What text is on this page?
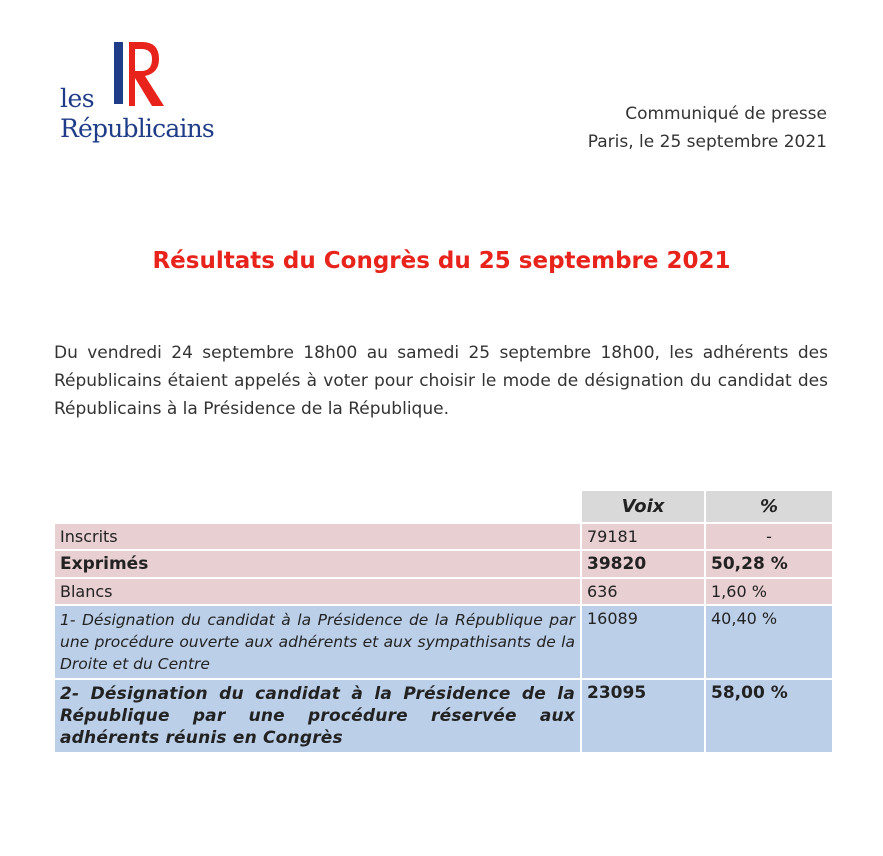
les
Républicains	Communiqué de presse
Paris, le 25 septembre 2021
Résultats du Congrès du 25 septembre 2021
Du vendredi 24 septembre 18h00 au samedi 25 septembre 18h00, les adhérents des Républicains étaient appelés à voter pour choisir le mode de désignation du candidat des Républicains à la Présidence de la République.
	Voix	%
Inscrits	79181	-
Exprimés	39820	50,28 %
Blancs	636	1,60 %
1- Désignation du candidat à la Présidence de la République par une procédure ouverte aux adhérents et aux sympathisants de la Droite et du Centre	16089	40,40 %
2- Désignation du candidat à la Présidence de la République par une procédure réservée aux adhérents réunis en Congrès	23095	58,00 %
